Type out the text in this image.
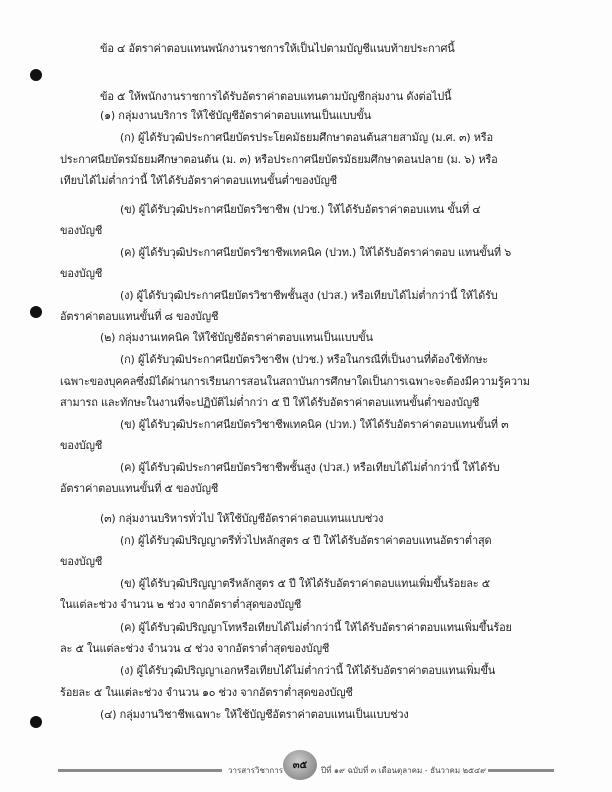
ข้อ ๔ อัตราค่าตอบแทนพนักงานราชการให้เป็นไปตามบัญชีแนบท้ายประกาศนี้
ข้อ ๕ ให้พนักงานราชการได้รับอัตราค่าตอบแทนตามบัญชีกลุ่มงาน ดังต่อไปนี้
(๑) กลุ่มงานบริการ ให้ใช้บัญชีอัตราค่าตอบแทนเป็นแบบขั้น
(ก) ผู้ได้รับวุฒิประกาศนียบัตรประโยคมัธยมศึกษาตอนต้นสายสามัญ (ม.ศ. ๓) หรือ
ประกาศนียบัตรมัธยมศึกษาตอนต้น (ม. ๓) หรือประกาศนียบัตรมัธยมศึกษาตอนปลาย (ม. ๖) หรือ
เทียบได้ไม่ต่ำกว่านี้ ให้ได้รับอัตราค่าตอบแทนขั้นต่ำของบัญชี
(ข) ผู้ได้รับวุฒิประกาศนียบัตรวิชาชีพ (ปวช.) ให้ได้รับอัตราค่าตอบแทน ขั้นที่ ๔
ของบัญชี
(ค) ผู้ได้รับวุฒิประกาศนียบัตรวิชาชีพเทคนิค (ปวท.) ให้ได้รับอัตราค่าตอบ แทนขั้นที่ ๖
ของบัญชี
(ง) ผู้ได้รับวุฒิประกาศนียบัตรวิชาชีพชั้นสูง (ปวส.) หรือเทียบได้ไม่ต่ำกว่านี้ ให้ได้รับ
อัตราค่าตอบแทนขั้นที่ ๘ ของบัญชี
(๒) กลุ่มงานเทคนิค ให้ใช้บัญชีอัตราค่าตอบแทนเป็นแบบขั้น
(ก) ผู้ได้รับวุฒิประกาศนียบัตรวิชาชีพ (ปวช.) หรือในกรณีที่เป็นงานที่ต้องใช้ทักษะ
เฉพาะของบุคคลซึ่งมิได้ผ่านการเรียนการสอนในสถาบันการศึกษาใดเป็นการเฉพาะจะต้องมีความรู้ความ
สามารถ และทักษะในงานที่จะปฏิบัติไม่ต่ำกว่า ๕ ปี ให้ได้รับอัตราค่าตอบแทนขั้นต่ำของบัญชี
(ข) ผู้ได้รับวุฒิประกาศนียบัตรวิชาชีพเทคนิค (ปวท.) ให้ได้รับอัตราค่าตอบแทนขั้นที่ ๓
ของบัญชี
(ค) ผู้ได้รับวุฒิประกาศนียบัตรวิชาชีพชั้นสูง (ปวส.) หรือเทียบได้ไม่ต่ำกว่านี้ ให้ได้รับ
อัตราค่าตอบแทนขั้นที่ ๕ ของบัญชี
(๓) กลุ่มงานบริหารทั่วไป ให้ใช้บัญชีอัตราค่าตอบแทนแบบช่วง
(ก) ผู้ได้รับวุฒิปริญญาตรีทั่วไปหลักสูตร ๔ ปี ให้ได้รับอัตราค่าตอบแทนอัตราต่ำสุด
ของบัญชี
(ข) ผู้ได้รับวุฒิปริญญาตรีหลักสูตร ๕ ปี ให้ได้รับอัตราค่าตอบแทนเพิ่มขึ้นร้อยละ ๕
ในแต่ละช่วง จำนวน ๒ ช่วง จากอัตราต่ำสุดของบัญชี
(ค) ผู้ได้รับวุฒิปริญญาโทหรือเทียบได้ไม่ต่ำกว่านี้ ให้ได้รับอัตราค่าตอบแทนเพิ่มขึ้นร้อย
ละ ๕ ในแต่ละช่วง จำนวน ๔ ช่วง จากอัตราต่ำสุดของบัญชี
(ง) ผู้ได้รับวุฒิปริญญาเอกหรือเทียบได้ไม่ต่ำกว่านี้ ให้ได้รับอัตราค่าตอบแทนเพิ่มขึ้น
ร้อยละ ๕ ในแต่ละช่วง จำนวน ๑๐ ช่วง จากอัตราต่ำสุดของบัญชี
(๔) กลุ่มงานวิชาชีพเฉพาะ ให้ใช้บัญชีอัตราค่าตอบแทนเป็นแบบช่วง
วารสารวิชาการ ๓๕ ปีที่ ๑๙ ฉบับที่ ๓ เดือนตุลาคม - ธันวาคม ๒๕๔๙
